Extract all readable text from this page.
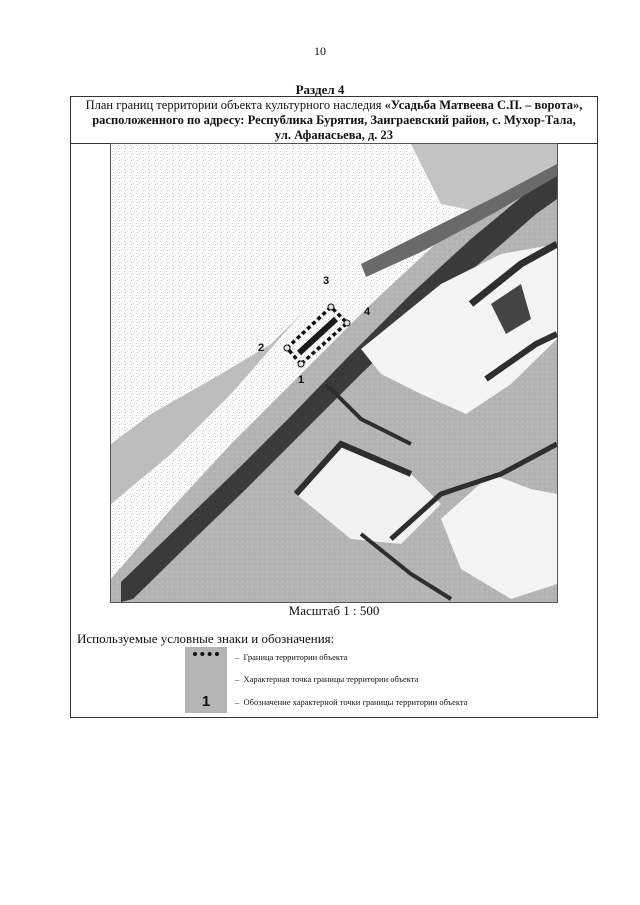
10
Раздел 4
План границ территории объекта культурного наследия «Усадьба Матвеева С.П. – ворота»,
расположенного по адресу: Республика Бурятия, Заиграевский район, с. Мухор-Тала,
ул. Афанасьева, д. 23
1
2
3
4
Масштаб 1 : 500
Используемые условные знаки и обозначения:
–  Граница территории объекта
–  Характерная точка границы территории объекта
1	–  Обозначение характерной точки границы территории объекта
